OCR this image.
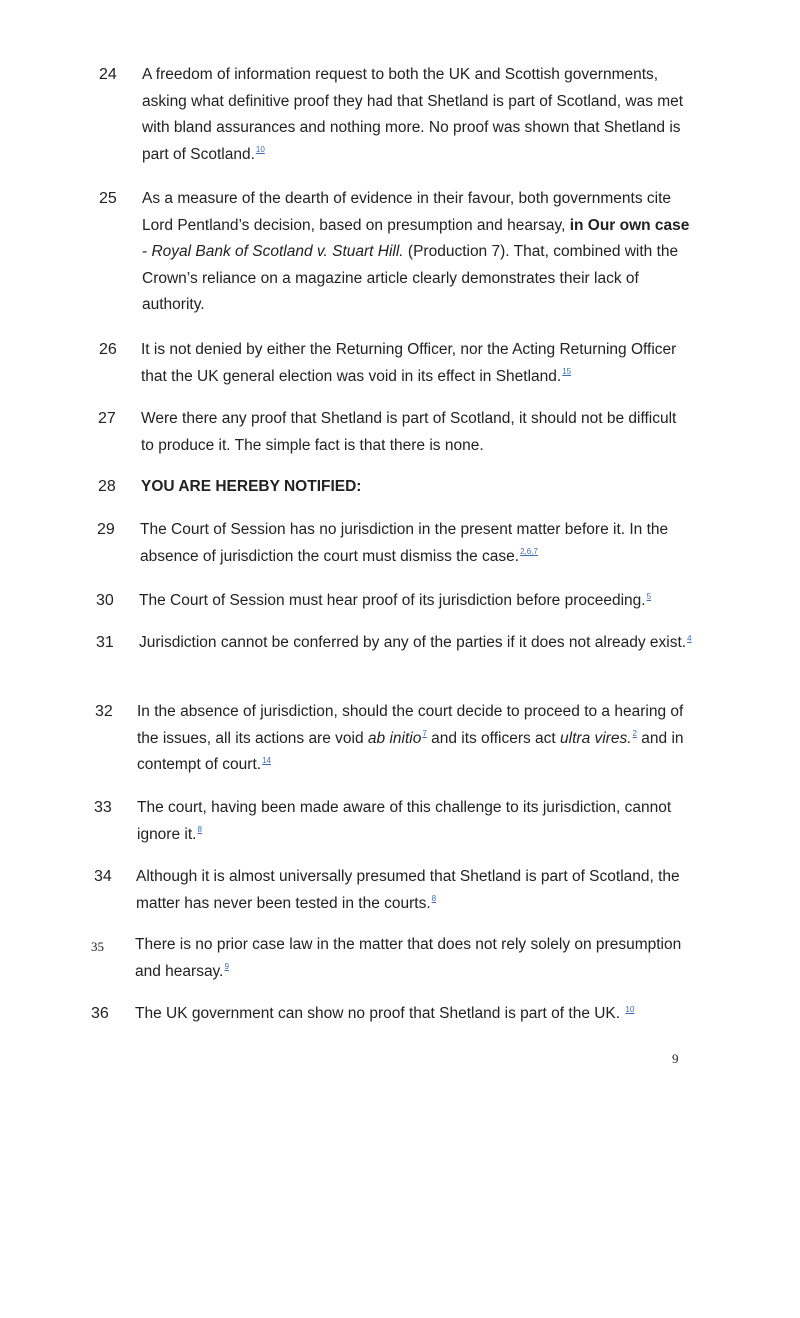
24 A freedom of information request to both the UK and Scottish governments, asking what definitive proof they had that Shetland is part of Scotland, was met with bland assurances and nothing more. No proof was shown that Shetland is part of Scotland.$^{10}$
25 As a measure of the dearth of evidence in their favour, both governments cite Lord Pentland’s decision, based on presumption and hearsay, in Our own case - Royal Bank of Scotland v. Stuart Hill. (Production 7). That, combined with the Crown’s reliance on a magazine article clearly demonstrates their lack of authority.
26 It is not denied by either the Returning Officer, nor the Acting Returning Officer that the UK general election was void in its effect in Shetland.$^{15}$
27 Were there any proof that Shetland is part of Scotland, it should not be difficult to produce it. The simple fact is that there is none.
28 YOU ARE HEREBY NOTIFIED:
29 The Court of Session has no jurisdiction in the present matter before it. In the absence of jurisdiction the court must dismiss the case.$^{2,6,7}$
30 The Court of Session must hear proof of its jurisdiction before proceeding.$^5$
31 Jurisdiction cannot be conferred by any of the parties if it does not already exist.$^4$
32 In the absence of jurisdiction, should the court decide to proceed to a hearing of the issues, all its actions are void ab initio$^7$ and its officers act ultra vires.$^2$ and in contempt of court.$^{14}$
33 The court, having been made aware of this challenge to its jurisdiction, cannot ignore it.$^8$
34 Although it is almost universally presumed that Shetland is part of Scotland, the matter has never been tested in the courts.$^8$
35 There is no prior case law in the matter that does not rely solely on presumption and hearsay.$^9$
36 The UK government can show no proof that Shetland is part of the UK. $^{10}$
9
